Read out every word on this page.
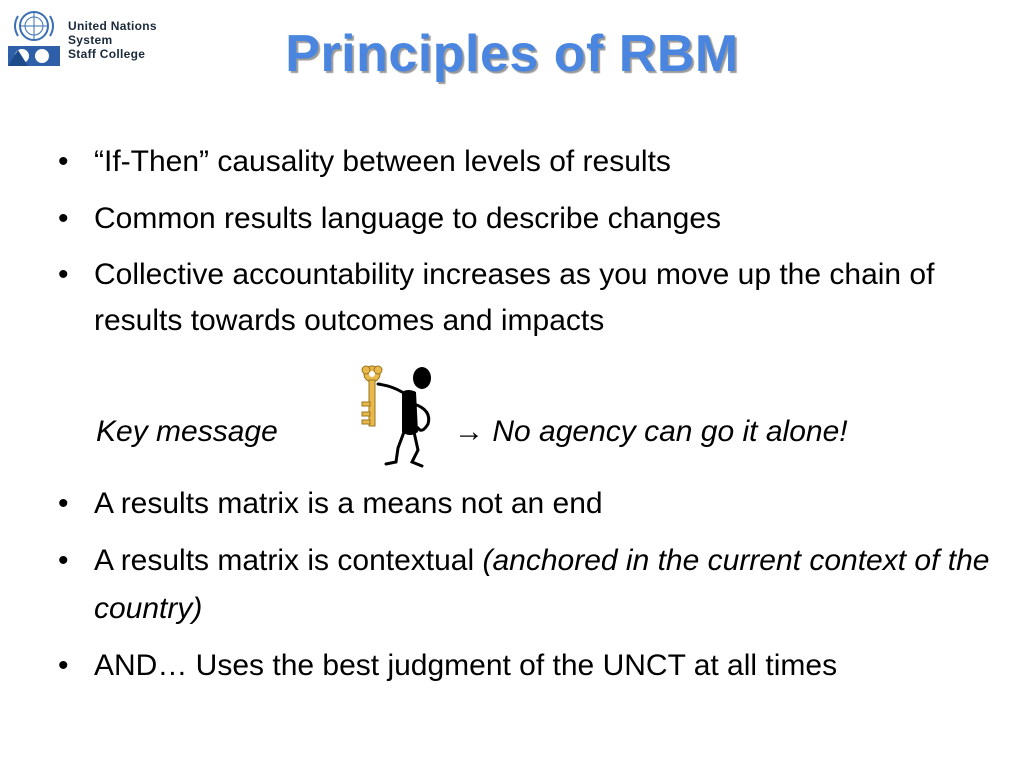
United Nations
System
Staff College	Principles of RBM
• “If-Then” causality between levels of results
• Common results language to describe changes
• Collective accountability increases as you move up the chain of results towards outcomes and impacts
Key message	→ No agency can go it alone!
• A results matrix is a means not an end
• A results matrix is contextual (anchored in the current context of the country)
• AND… Uses the best judgment of the UNCT at all times
